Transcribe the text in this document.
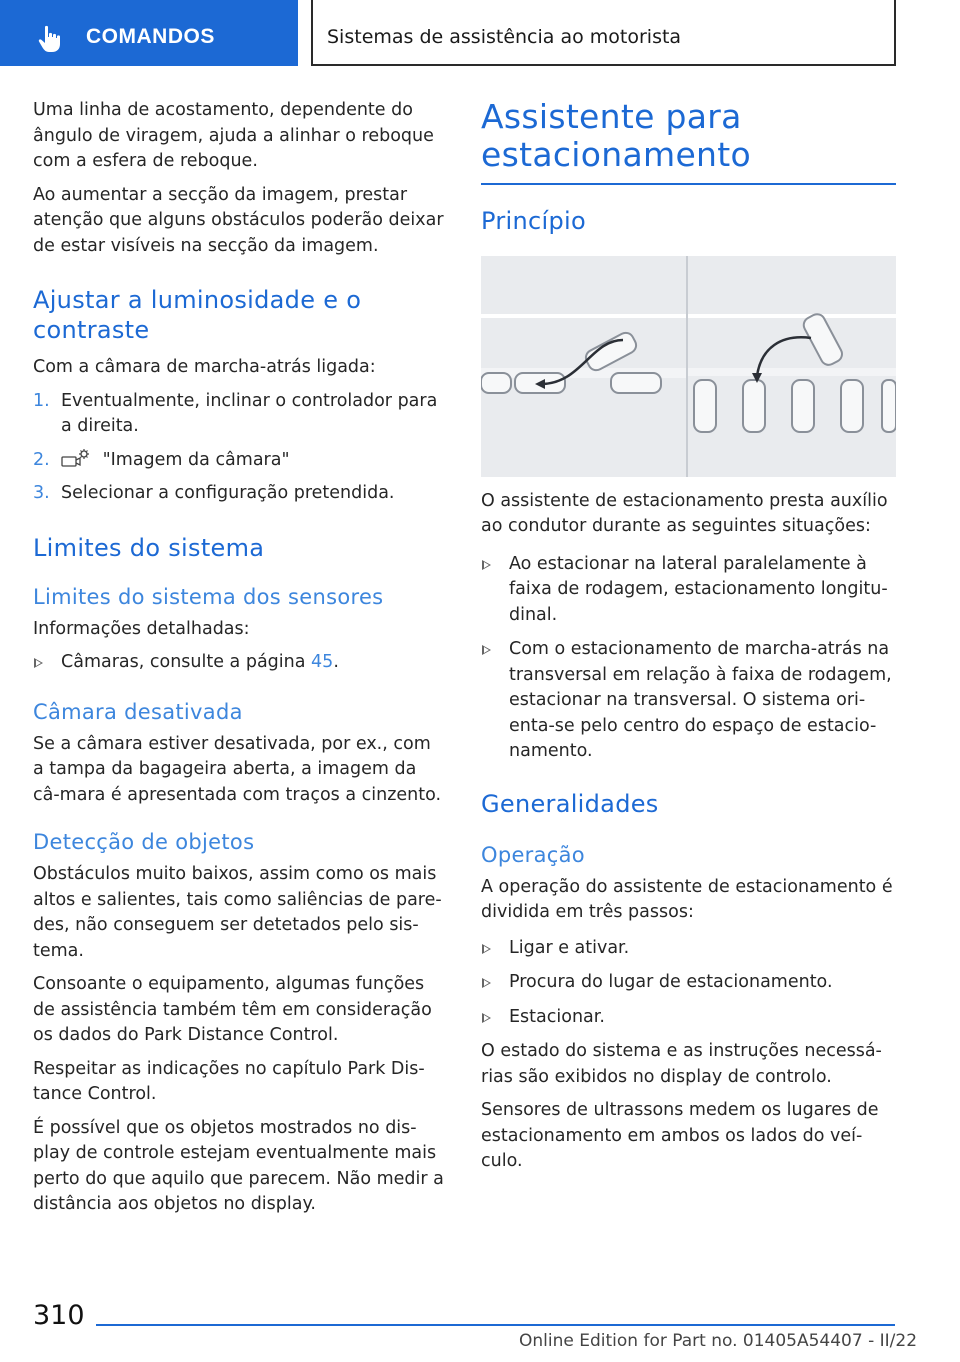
COMANDOS	Sistemas de assistência ao motorista

Uma linha de acostamento, dependente do ângulo de viragem, ajuda a alinhar o reboque com a esfera de reboque.

Ao aumentar a secção da imagem, prestar atenção que alguns obstáculos poderão deixar de estar visíveis na secção da imagem.

Ajustar a luminosidade e o contraste

Com a câmara de marcha-atrás ligada:

1. Eventualmente, inclinar o controlador para a direita.
2.	"Imagem da câmara"
3. Selecionar a configuração pretendida.
Limites do sistema
Limites do sistema dos sensores

Informações detalhadas:

Câmaras, consulte a página 45.
Câmara desativada

Se a câmara estiver desativada, por ex., com a tampa da bagageira aberta, a imagem da câ-mara é apresentada com traços a cinzento.

Detecção de objetos

Obstáculos muito baixos, assim como os mais altos e salientes, tais como saliências de pare-des, não conseguem ser detetados pelo sis-tema.

Consoante o equipamento, algumas funções de assistência também têm em consideração os dados do Park Distance Control.

Respeitar as indicações no capítulo Park Dis-tance Control.

É possível que os objetos mostrados no dis-play de controle estejam eventualmente mais perto do que aquilo que parecem. Não medir a distância aos objetos no display.

Assistente para estacionamento
Princípio

O assistente de estacionamento presta auxílio ao condutor durante as seguintes situações:

Ao estacionar na lateral paralelamente à faixa de rodagem, estacionamento longitu-dinal.
Com o estacionamento de marcha-atrás na transversal em relação à faixa de rodagem, estacionar na transversal. O sistema ori-enta-se pelo centro do espaço de estacio-namento.
Generalidades
Operação

A operação do assistente de estacionamento é dividida em três passos:

Ligar e ativar.
Procura do lugar de estacionamento.
Estacionar.

O estado do sistema e as instruções necessá-rias são exibidos no display de controlo.

Sensores de ultrassons medem os lugares de estacionamento em ambos os lados do veí-culo.

310
Online Edition for Part no. 01405A54407 - II/22
